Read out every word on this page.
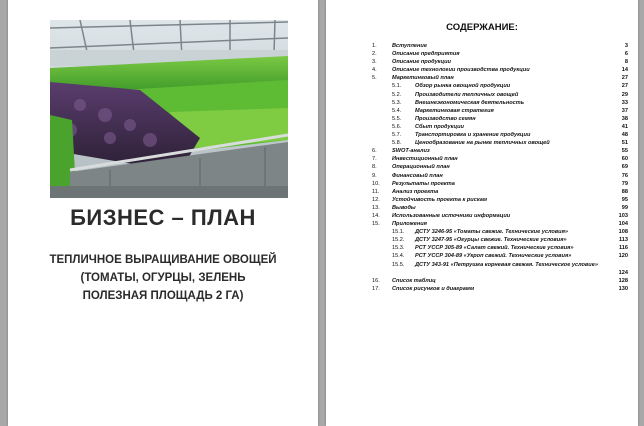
БИЗНЕС – ПЛАН
ТЕПЛИЧНОЕ ВЫРАЩИВАНИЕ ОВОЩЕЙ
(ТОМАТЫ, ОГУРЦЫ, ЗЕЛЕНЬ
ПОЛЕЗНАЯ ПЛОЩАДЬ 2 ГА)
СОДЕРЖАНИЕ:
1.	Вступление	3
2.	Описание предприятия	6
3.	Описание продукции	8
4.	Описание технологии производства продукции	14
5.	Маркетинговый план	27
5.1. Обзор рынка овощной продукции	27
5.2. Производители тепличных овощей	29
5.3. Внешнеэкономическая деятельность	33
5.4. Маркетинговая стратегия	37
5.5. Производство семян	38
5.6. Сбыт продукции	41
5.7. Транспортировка и хранение продукции	48
5.8. Ценообразование на рынке тепличных овощей	51
6.	SWOT-анализ	55
7.	Инвестиционный план	60
8.	Операционный план	69
9.	Финансовый план	76
10. Результаты проекта	79
11. Анализ проекта	88
12. Устойчивость проекта к рискам	95
13. Выводы	99
14. Использованные источники информации	103
15. Приложения	104
15.1. ДСТУ 3246-95 «Томаты свежие. Технические условия»	108
15.2. ДСТУ 3247-95 «Огурцы свежие. Технические условия»	113
15.3. РСТ УССР 305-89 «Салат свежий. Технические условия»	116
15.4. РСТ УССР 304-89 «Укроп свежий. Технические условия»	120
15.5. ДСТУ 343-91 «Петрушка корневая свежая. Техническое условие»
124
16. Список таблиц	128
17. Список рисунков и диаграмм	130
